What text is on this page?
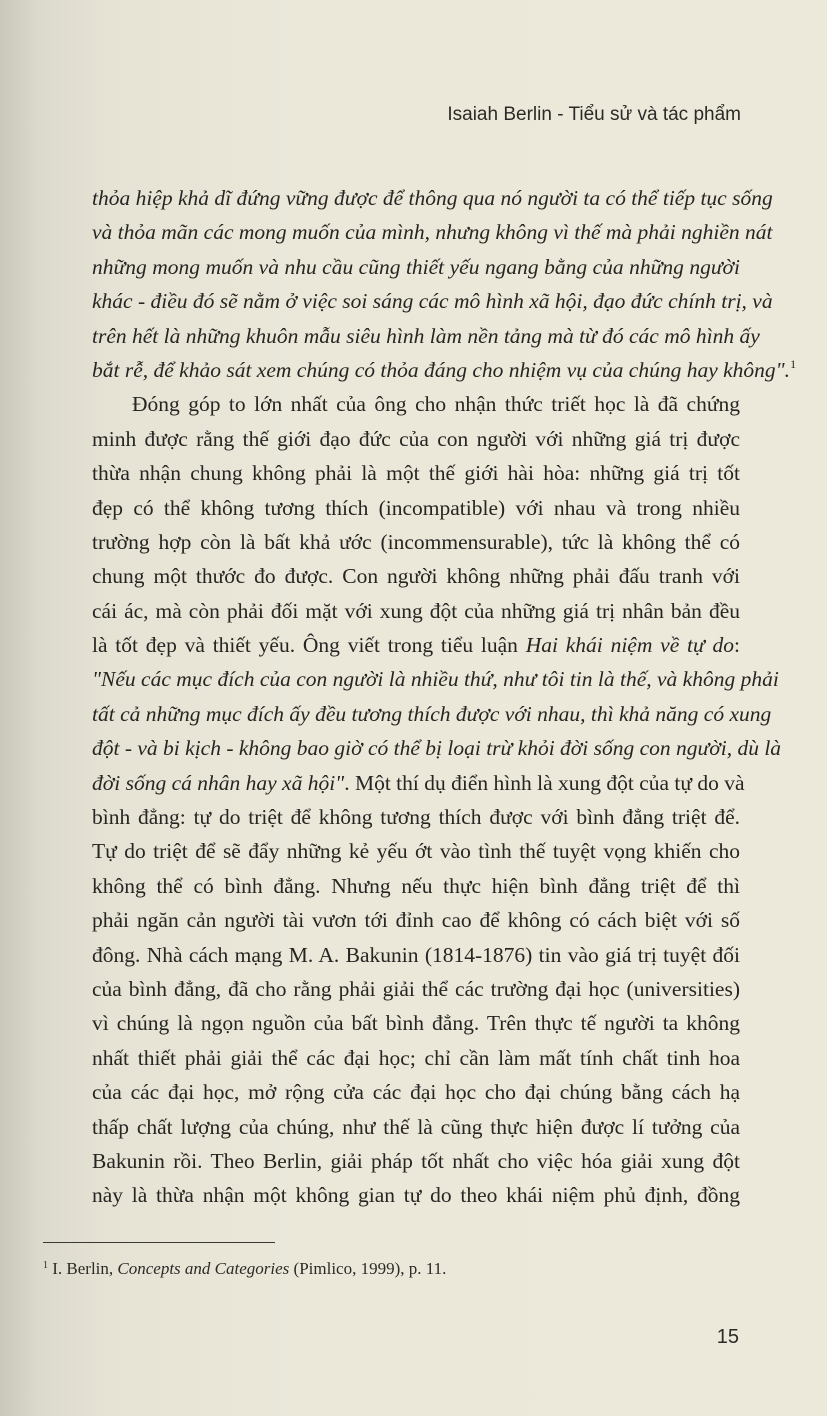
Isaiah Berlin - Tiểu sử và tác phẩm
thỏa hiệp khả dĩ đứng vững được để thông qua nó người ta có thể tiếp tục sống
và thỏa mãn các mong muốn của mình, nhưng không vì thế mà phải nghiền nát
những mong muốn và nhu cầu cũng thiết yếu ngang bằng của những người
khác - điều đó sẽ nằm ở việc soi sáng các mô hình xã hội, đạo đức chính trị, và
trên hết là những khuôn mẫu siêu hình làm nền tảng mà từ đó các mô hình ấy
bắt rễ, để khảo sát xem chúng có thỏa đáng cho nhiệm vụ của chúng hay không".$^1$
Đóng góp to lớn nhất của ông cho nhận thức triết học là đã chứng
minh được rằng thế giới đạo đức của con người với những giá trị được
thừa nhận chung không phải là một thế giới hài hòa: những giá trị tốt
đẹp có thể không tương thích (incompatible) với nhau và trong nhiều
trường hợp còn là bất khả ước (incommensurable), tức là không thể có
chung một thước đo được. Con người không những phải đấu tranh với
cái ác, mà còn phải đối mặt với xung đột của những giá trị nhân bản đều
là tốt đẹp và thiết yếu. Ông viết trong tiểu luận Hai khái niệm về tự do:
"Nếu các mục đích của con người là nhiều thứ, như tôi tin là thế, và không phải
tất cả những mục đích ấy đều tương thích được với nhau, thì khả năng có xung
đột - và bi kịch - không bao giờ có thể bị loại trừ khỏi đời sống con người, dù là
đời sống cá nhân hay xã hội". Một thí dụ điển hình là xung đột của tự do và
bình đẳng: tự do triệt để không tương thích được với bình đẳng triệt để.
Tự do triệt để sẽ đẩy những kẻ yếu ớt vào tình thế tuyệt vọng khiến cho
không thể có bình đẳng. Nhưng nếu thực hiện bình đẳng triệt để thì
phải ngăn cản người tài vươn tới đỉnh cao để không có cách biệt với số
đông. Nhà cách mạng M. A. Bakunin (1814-1876) tin vào giá trị tuyệt đối
của bình đẳng, đã cho rằng phải giải thể các trường đại học (universities)
vì chúng là ngọn nguồn của bất bình đẳng. Trên thực tế người ta không
nhất thiết phải giải thể các đại học; chỉ cần làm mất tính chất tinh hoa
của các đại học, mở rộng cửa các đại học cho đại chúng bằng cách hạ
thấp chất lượng của chúng, như thế là cũng thực hiện được lí tưởng của
Bakunin rồi. Theo Berlin, giải pháp tốt nhất cho việc hóa giải xung đột
này là thừa nhận một không gian tự do theo khái niệm phủ định, đồng
$^1$ I. Berlin, Concepts and Categories (Pimlico, 1999), p. 11.
15
